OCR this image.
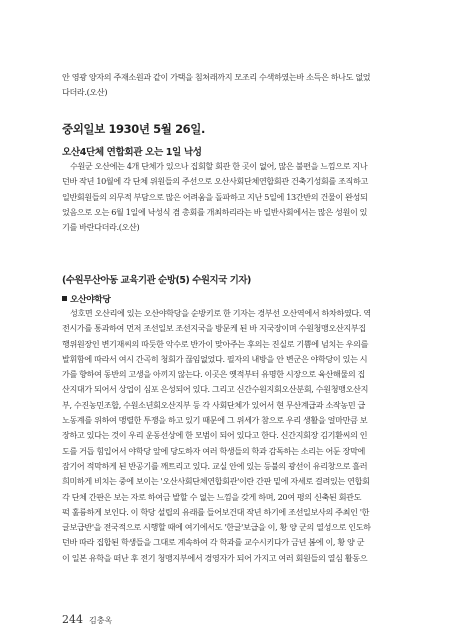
안 영광 양자의 주재소원과 같이 가택을 침쳐래까지 모조리 수색하였는바 소득은 하나도 없었
다더라.(오산)

중외일보 1930년 5월 26일.
오산4단체 연합회관 오는 1일 낙성

수원군 오산에는 4개 단체가 있으나 집회할 회관 한 곳이 없어, 많은 불편을 느낌으로 지나
던바 작년 10월에 각 단체 위원들의 주선으로 오산사회단체연합회관 건축기성회를 조직하고
일반회원들의 의무적 부담으로 많은 어려움을 돌파하고 지난 5일에 13간반의 건물이 완성되
었음으로 오는 6월 1일에 낙성식 겸 총회를 개최하리라는 바 일반사회에서는 많은 성원이 있
기를 바란다더라.(오산)

(수원무산아동 교육기관 순방(5) 수원지국 기자)
오산야학당

성호면 오산리에 있는 오산야학당을 순방키로 한 기자는 경부선 오산역에서 하차하였다. 역
전시가를 통과하여 먼저 조선일보 조선지국을 방문케 된 바 지국장이며 수원청맹오산지부집
행위원장인 변기재씨의 따듯한 악수로 반가이 맞아주는 후의는 진실로 기쁨에 넘치는 우의를
발휘함에 따라서 여시 간곡히 청회가 끊임없었다. 필자의 내방을 안 변군은 야학당이 있는 시
가를 향하여 동반의 고생을 아끼지 않는다. 이곳은 옛적부터 유명한 시장으로 육산해물의 집
산지대가 되어서 상업이 심포 은성되어 있다. 그리고 신간수원지회오산분회, 수원청맹오산지
부, 수진농민조합, 수원소년회오산지부 등 각 사회단체가 있어서 현 무산계급과 소작농민 급
노동계를 위하여 맹렬한 투쟁을 하고 있기 때문에 그 위세가 참으로 우리 생활을 얼마만큼 보
장하고 있다는 것이 우리 운동선상에 한 모범이 되어 있다고 한다. 신간지회장 김기환씨의 인
도를 거듭 힘입어서 야학당 앞에 당도하자 여러 학생들의 학과 감독하는 소리는 어둔 장막에
잠기어 적막하게 된 반공기를 깨트리고 있다. 교실 안에 있는 등불의 광선이 유리창으로 흘러
희미하게 비치는 중에 보이는 '오산사회단체연합회관'이란 간판 밑에 자세로 걸려있는 연합회
각 단체 간판은 보는 자로 하여금 발할 수 없는 느낌을 갖게 하며, 20여 평의 신축된 회관도
퍽 훌륭하게 보인다. 이 학당 설립의 유래를 들어보건대 작년 하기에 조선일보사의 주최인 '한
글보급반'을 전국적으로 시행할 때에 여기에서도 '한글'보급을 이, 황 양 군의 열성으로 인도하
던바 따라 집합된 학생들을 그대로 계속하여 각 학과를 교수시키다가 금년 봄에 이, 황 양 군
이 일본 유학을 떠난 후 전기 청맹지부에서 경영자가 되어 가지고 여러 회원들의 열심 활동으

244 김충옥
